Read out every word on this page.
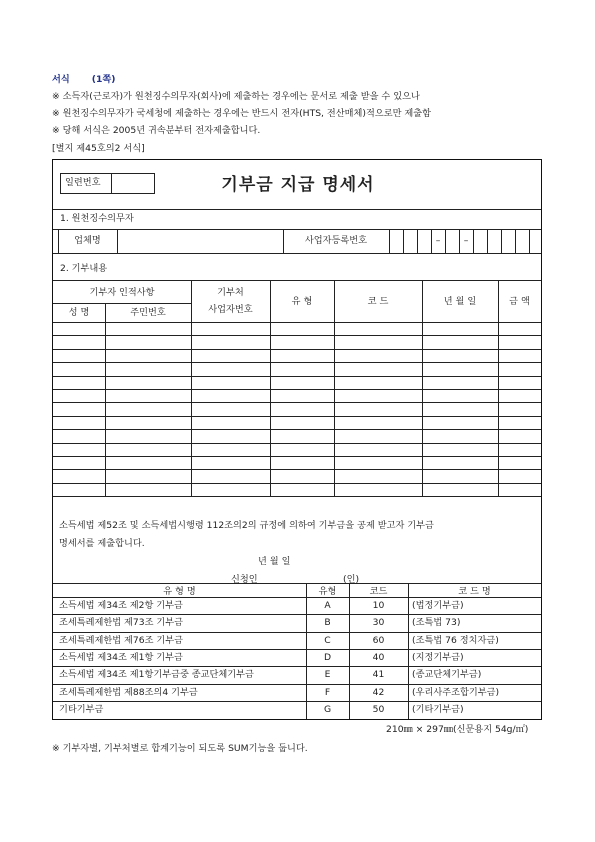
서식 (1쪽)
※ 소득자(근로자)가 원천징수의무자(회사)에 제출하는 경우에는 문서로 제출 받을 수 있으나
※ 원천징수의무자가 국세청에 제출하는 경우에는 반드시 전자(HTS, 전산매체)적으로만 제출함
※ 당해 서식은 2005년 귀속분부터 전자제출합니다.
[별지 제45호의2 서식]
일련번호	기부금 지급 명세서
1. 원천징수의무자
업체명	사업자등록번호	–	–
2. 기부내용
기부자 인적사항
성 명	주민번호
기부처
사업자번호
유 형	코 드	년 월 일	금 액
소득세법 제52조 및 소득세법시행령 112조의2의 규정에 의하여 기부금을 공제 받고자 기부금
명세서를 제출합니다.
년 월 일
신청인	(인)
유 형 명	유형	코드	코 드 명
소득세법 제34조 제2항 기부금	A	10	(법정기부금)
조세특례제한법 제73조 기부금	B	30	(조특법 73)
조세특례제한법 제76조 기부금	C	60	(조특법 76 정치자금)
소득세법 제34조 제1항 기부금	D	40	(지정기부금)
소득세법 제34조 제1항기부금중 종교단체기부금	E	41	(종교단체기부금)
조세특례제한법 제88조의4 기부금	F	42	(우리사주조합기부금)
기타기부금	G	50	(기타기부금)
210㎜ × 297㎜(신문용지 54g/㎡)
※ 기부자별, 기부처별로 합계기능이 되도록 SUM기능을 둡니다.
